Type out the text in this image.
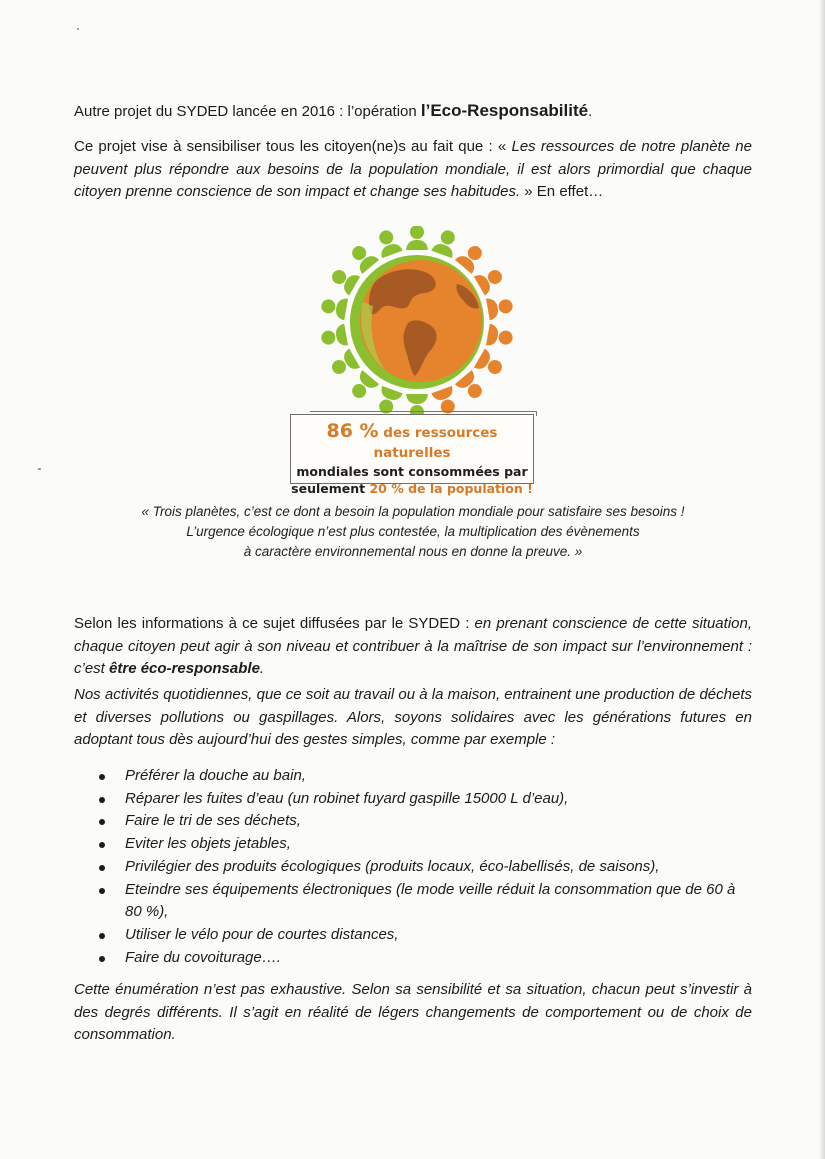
Autre projet du SYDED lancée en 2016 : l’opération l’Eco-Responsabilité.
Ce projet vise à sensibiliser tous les citoyen(ne)s au fait que : « Les ressources de notre planète ne peuvent plus répondre aux besoins de la population mondiale, il est alors primordial que chaque citoyen prenne conscience de son impact et change ses habitudes. » En effet…
86 % des ressources naturelles
mondiales sont consommées par
seulement 20 % de la population !
« Trois planètes, c’est ce dont a besoin la population mondiale pour satisfaire ses besoins !
L’urgence écologique n’est plus contestée, la multiplication des évènements
à caractère environnemental nous en donne la preuve. »
Selon les informations à ce sujet diffusées par le SYDED : en prenant conscience de cette situation, chaque citoyen peut agir à son niveau et contribuer à la maîtrise de son impact sur l’environnement : c’est être éco-responsable.
Nos activités quotidiennes, que ce soit au travail ou à la maison, entrainent une production de déchets et diverses pollutions ou gaspillages. Alors, soyons solidaires avec les générations futures en adoptant tous dès aujourd’hui des gestes simples, comme par exemple :
Préférer la douche au bain,
Réparer les fuites d’eau (un robinet fuyard gaspille 15000 L d’eau),
Faire le tri de ses déchets,
Eviter les objets jetables,
Privilégier des produits écologiques (produits locaux, éco-labellisés, de saisons),
Eteindre ses équipements électroniques (le mode veille réduit la consommation que de 60 à 80 %),
Utiliser le vélo pour de courtes distances,
Faire du covoiturage….
Cette énumération n’est pas exhaustive. Selon sa sensibilité et sa situation, chacun peut s’investir à des degrés différents. Il s’agit en réalité de légers changements de comportement ou de choix de consommation.
